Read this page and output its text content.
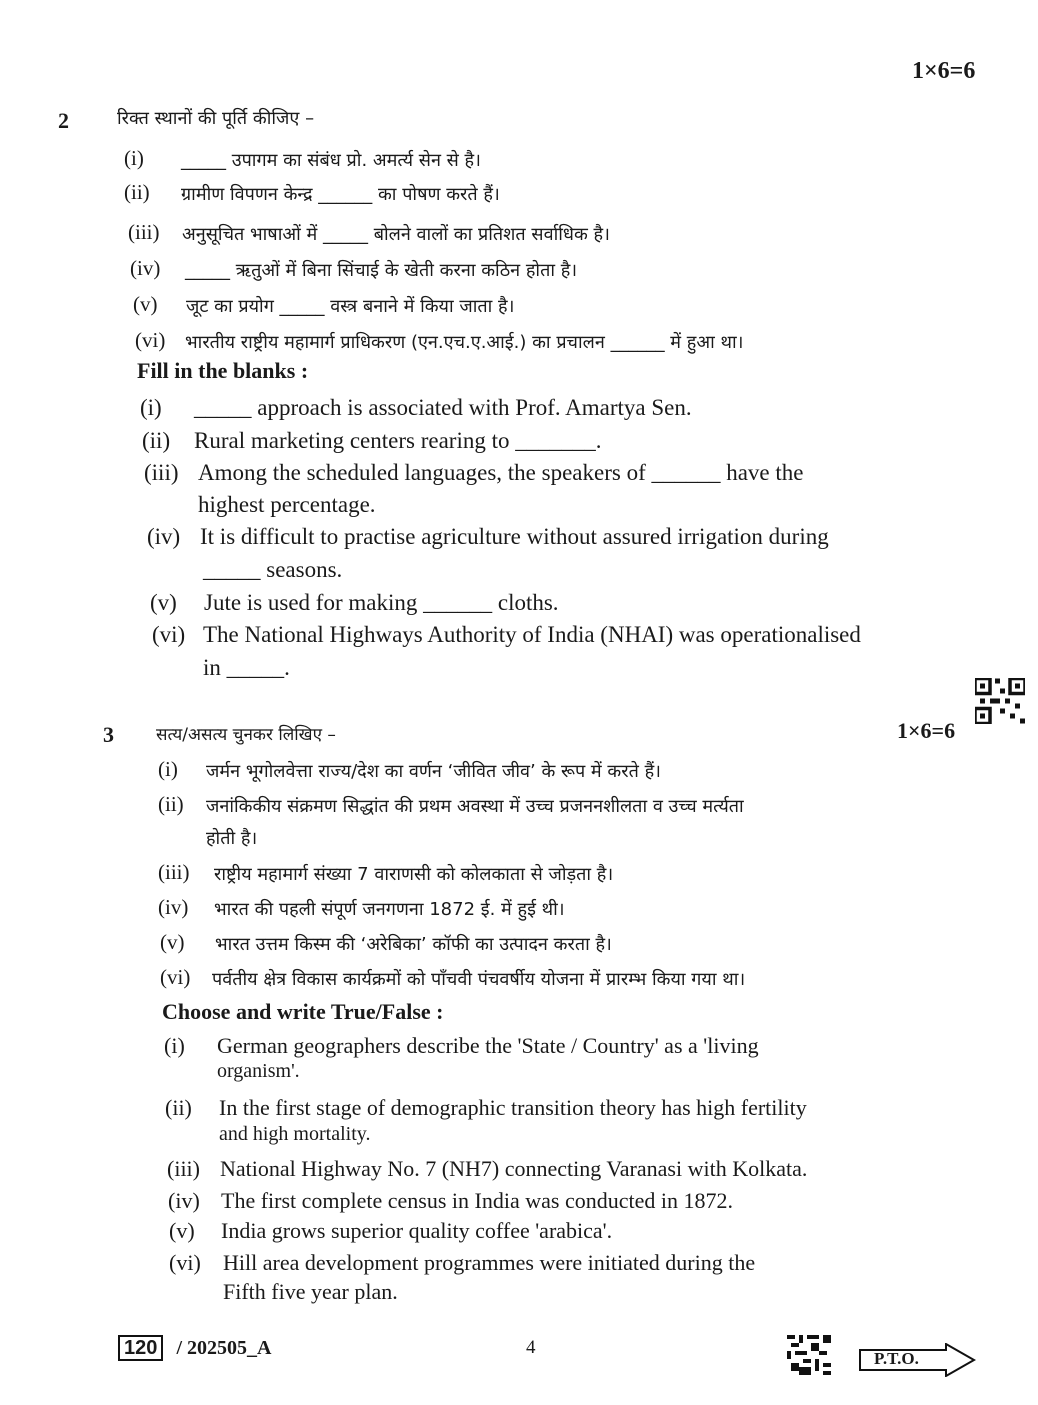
1×6=6
2	रिक्त स्थानों की पूर्ति कीजिए –
(i) _____ उपागम का संबंध प्रो. अमर्त्य सेन से है।
(ii) ग्रामीण विपणन केन्द्र ______ का पोषण करते हैं।
(iii) अनुसूचित भाषाओं में _____ बोलने वालों का प्रतिशत सर्वाधिक है।
(iv) _____ ऋतुओं में बिना सिंचाई के खेती करना कठिन होता है।
(v) जूट का प्रयोग _____ वस्त्र बनाने में किया जाता है।
(vi) भारतीय राष्ट्रीय महामार्ग प्राधिकरण (एन.एच.ए.आई.) का प्रचालन ______ में हुआ था।
Fill in the blanks :
(i) _____ approach is associated with Prof. Amartya Sen.
(ii) Rural marketing centers rearing to _______.
(iii) Among the scheduled languages, the speakers of ______ have the
highest percentage.
(iv) It is difficult to practise agriculture without assured irrigation during
_____ seasons.
(v) Jute is used for making ______ cloths.
(vi) The National Highways Authority of India (NHAI) was operationalised
in _____.
3 सत्य/असत्य चुनकर लिखिए –	1×6=6
(i) जर्मन भूगोलवेत्ता राज्य/देश का वर्णन ‘जीवित जीव’ के रूप में करते हैं।
(ii) जनांकिकीय संक्रमण सिद्धांत की प्रथम अवस्था में उच्च प्रजननशीलता व उच्च मर्त्यता
होती है।
(iii) राष्ट्रीय महामार्ग संख्या 7 वाराणसी को कोलकाता से जोड़ता है।
(iv) भारत की पहली संपूर्ण जनगणना 1872 ई. में हुई थी।
(v) भारत उत्तम किस्म की ‘अरेबिका’ कॉफी का उत्पादन करता है।
(vi) पर्वतीय क्षेत्र विकास कार्यक्रमों को पाँचवी पंचवर्षीय योजना में प्रारम्भ किया गया था।
Choose and write True/False :
(i) German geographers describe the 'State / Country' as a 'living
organism'.
(ii) In the first stage of demographic transition theory has high fertility
and high mortality.
(iii) National Highway No. 7 (NH7) connecting Varanasi with Kolkata.
(iv) The first complete census in India was conducted in 1872.
(v) India grows superior quality coffee 'arabica'.
(vi) Hill area development programmes were initiated during the
Fifth five year plan.
120 / 202505_A	4
P.T.O.
